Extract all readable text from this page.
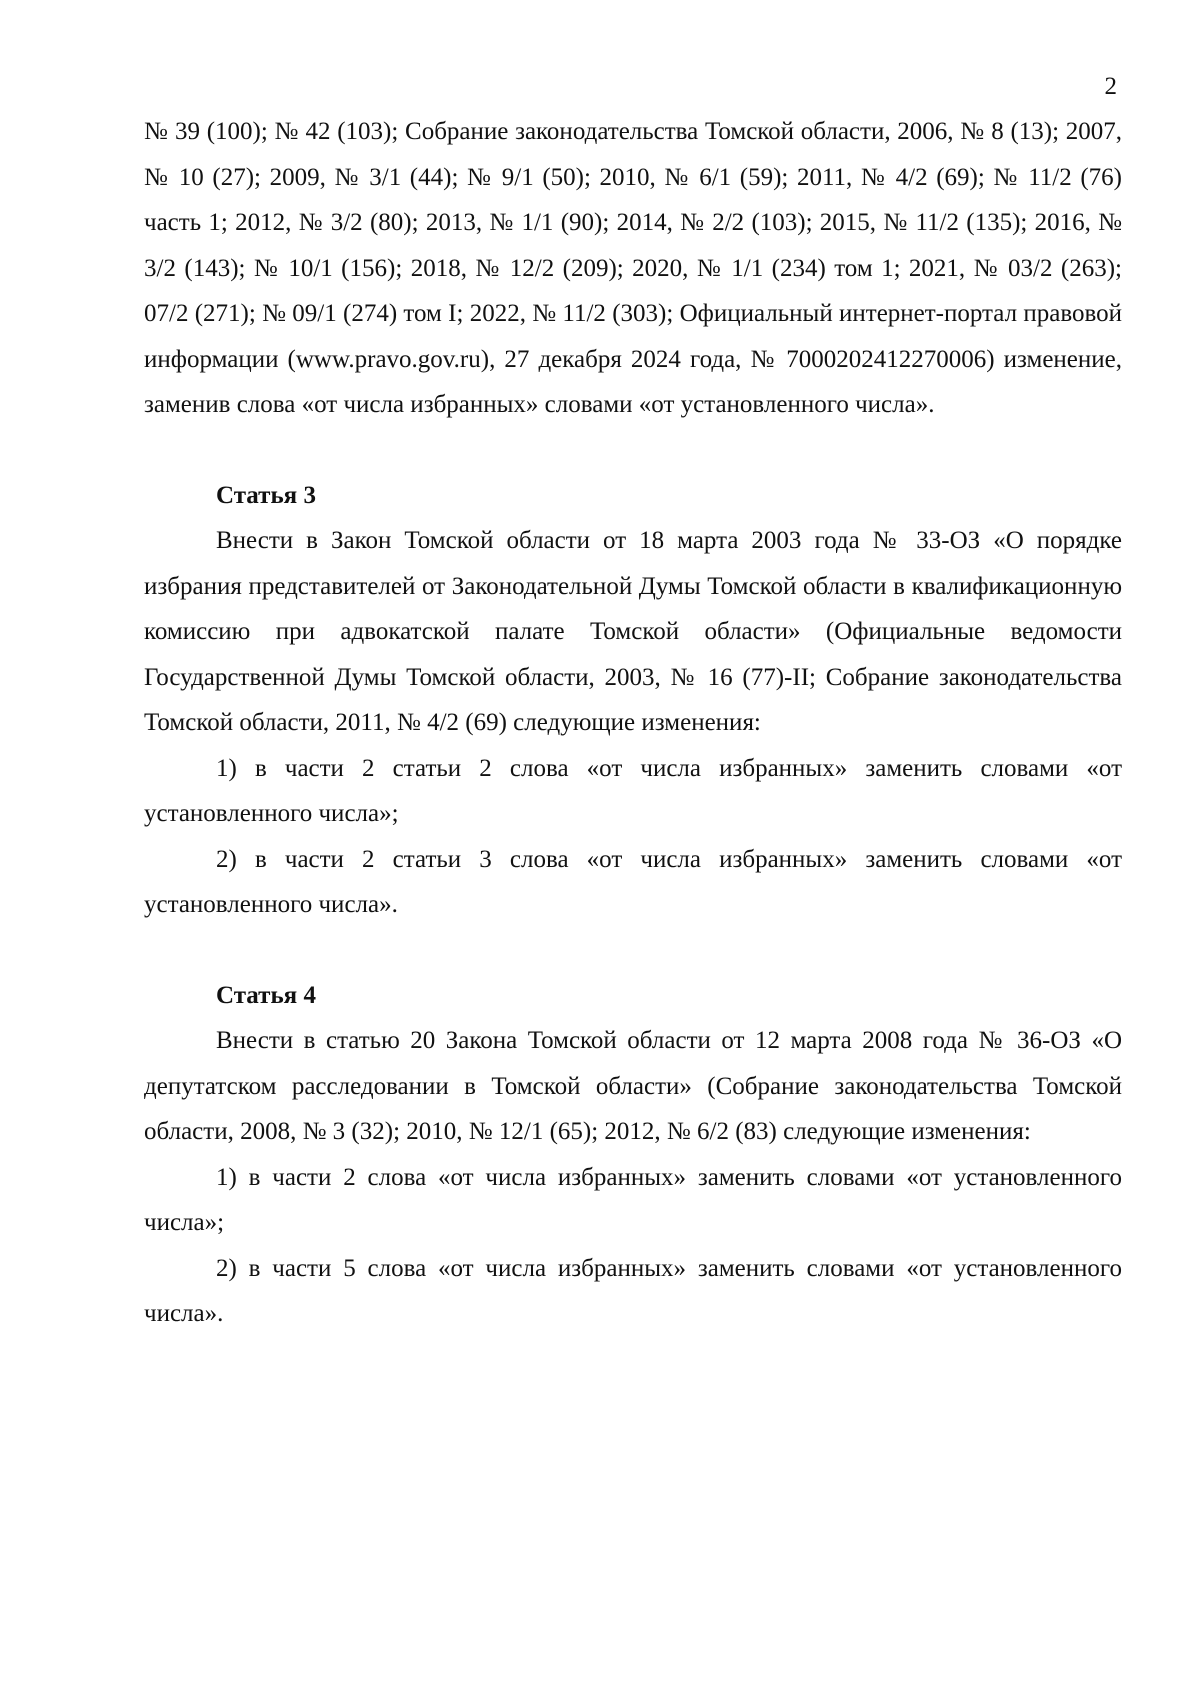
2

№ 39 (100); № 42 (103); Собрание законодательства Томской области, 2006, № 8 (13); 2007, № 10 (27); 2009, № 3/1 (44); № 9/1 (50); 2010, № 6/1 (59); 2011, № 4/2 (69); № 11/2 (76) часть 1; 2012, № 3/2 (80); 2013, № 1/1 (90); 2014, № 2/2 (103); 2015, № 11/2 (135); 2016, № 3/2 (143); № 10/1 (156); 2018, № 12/2 (209); 2020, № 1/1 (234) том 1; 2021, № 03/2 (263); 07/2 (271); № 09/1 (274) том I; 2022, № 11/2 (303); Официальный интернет-портал правовой информации (www.pravo.gov.ru), 27 декабря 2024 года, № 7000202412270006) изменение, заменив слова «от числа избранных» словами «от установленного числа».

Статья 3

Внести в Закон Томской области от 18 марта 2003 года № 33-ОЗ «О порядке избрания представителей от Законодательной Думы Томской области в квалификационную комиссию при адвокатской палате Томской области» (Официальные ведомости Государственной Думы Томской области, 2003, № 16 (77)-II; Собрание законодательства Томской области, 2011, № 4/2 (69) следующие изменения:

1) в части 2 статьи 2 слова «от числа избранных» заменить словами «от установленного числа»;

2) в части 2 статьи 3 слова «от числа избранных» заменить словами «от установленного числа».

Статья 4

Внести в статью 20 Закона Томской области от 12 марта 2008 года № 36-ОЗ «О депутатском расследовании в Томской области» (Собрание законодательства Томской области, 2008, № 3 (32); 2010, № 12/1 (65); 2012, № 6/2 (83) следующие изменения:

1) в части 2 слова «от числа избранных» заменить словами «от установленного числа»;

2) в части 5 слова «от числа избранных» заменить словами «от установленного числа».
